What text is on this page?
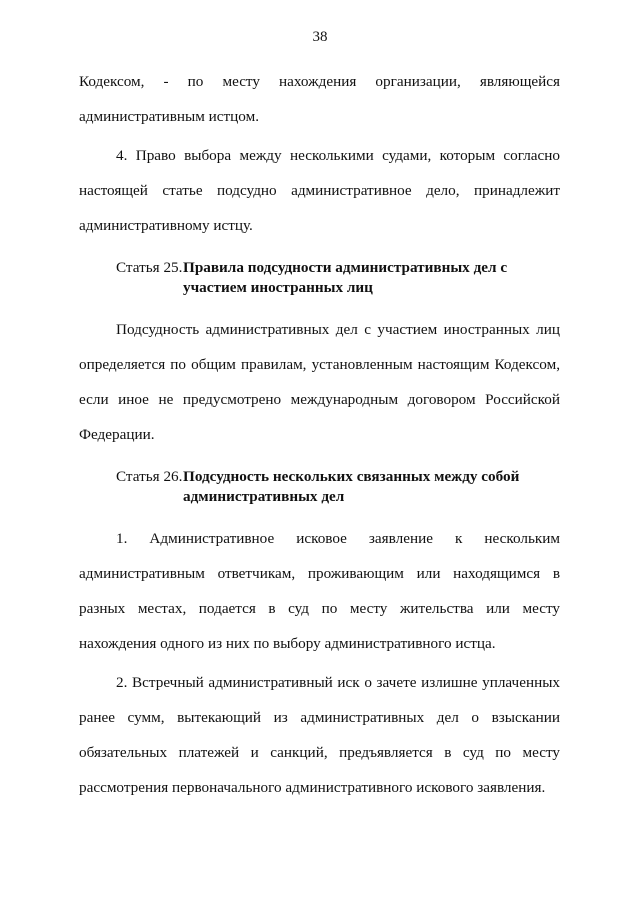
38

Кодексом, - по месту нахождения организации, являющейся административным истцом.

4. Право выбора между несколькими судами, которым согласно настоящей статье подсудно административное дело, принадлежит административному истцу.

Статья 25. Правила подсудности административных дел с
участием иностранных лиц

Подсудность административных дел с участием иностранных лиц определяется по общим правилам, установленным настоящим Кодексом, если иное не предусмотрено международным договором Российской Федерации.

Статья 26. Подсудность нескольких связанных между собой
административных дел

1. Административное исковое заявление к нескольким административным ответчикам, проживающим или находящимся в разных местах, подается в суд по месту жительства или месту нахождения одного из них по выбору административного истца.

2. Встречный административный иск о зачете излишне уплаченных ранее сумм, вытекающий из административных дел о взыскании обязательных платежей и санкций, предъявляется в суд по месту рассмотрения первоначального административного искового заявления.
